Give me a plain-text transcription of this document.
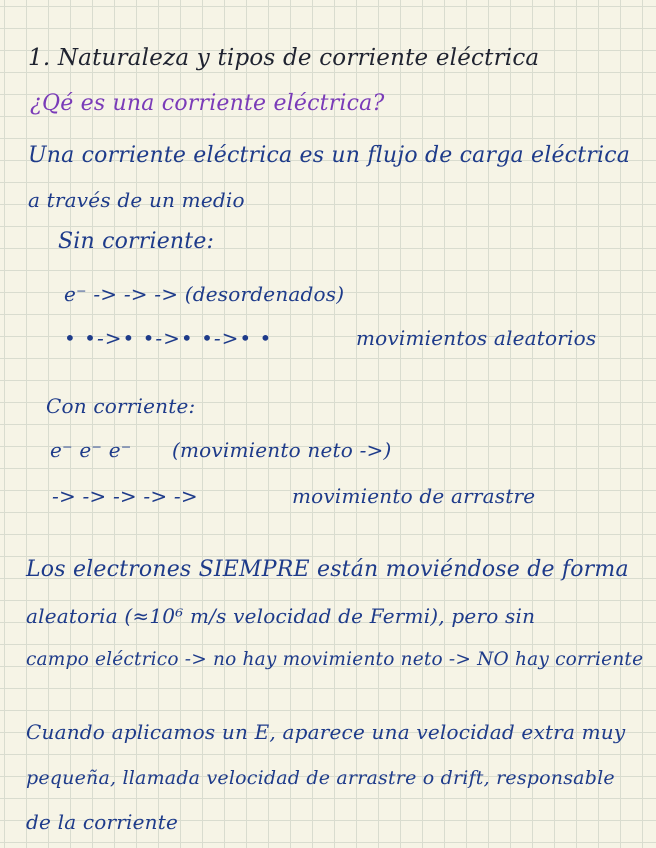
1. Naturaleza y tipos de corriente eléctrica
¿Qé es una corriente eléctrica?
Una corriente eléctrica es un flujo de carga eléctrica
a través de un medio
Sin corriente:
e⁻ -> -> -> (desordenados)
• •->• •->• •->• •	movimientos aleatorios
Con corriente:
e⁻ e⁻ e⁻ (movimiento neto ->)
-> -> -> -> ->	movimiento de arrastre
Los electrones SIEMPRE están moviéndose de forma
aleatoria (≈10⁶ m/s velocidad de Fermi), pero sin
campo eléctrico -> no hay movimiento neto -> NO hay corriente
Cuando aplicamos un E, aparece una velocidad extra muy
pequeña, llamada velocidad de arrastre o drift, responsable
de la corriente
